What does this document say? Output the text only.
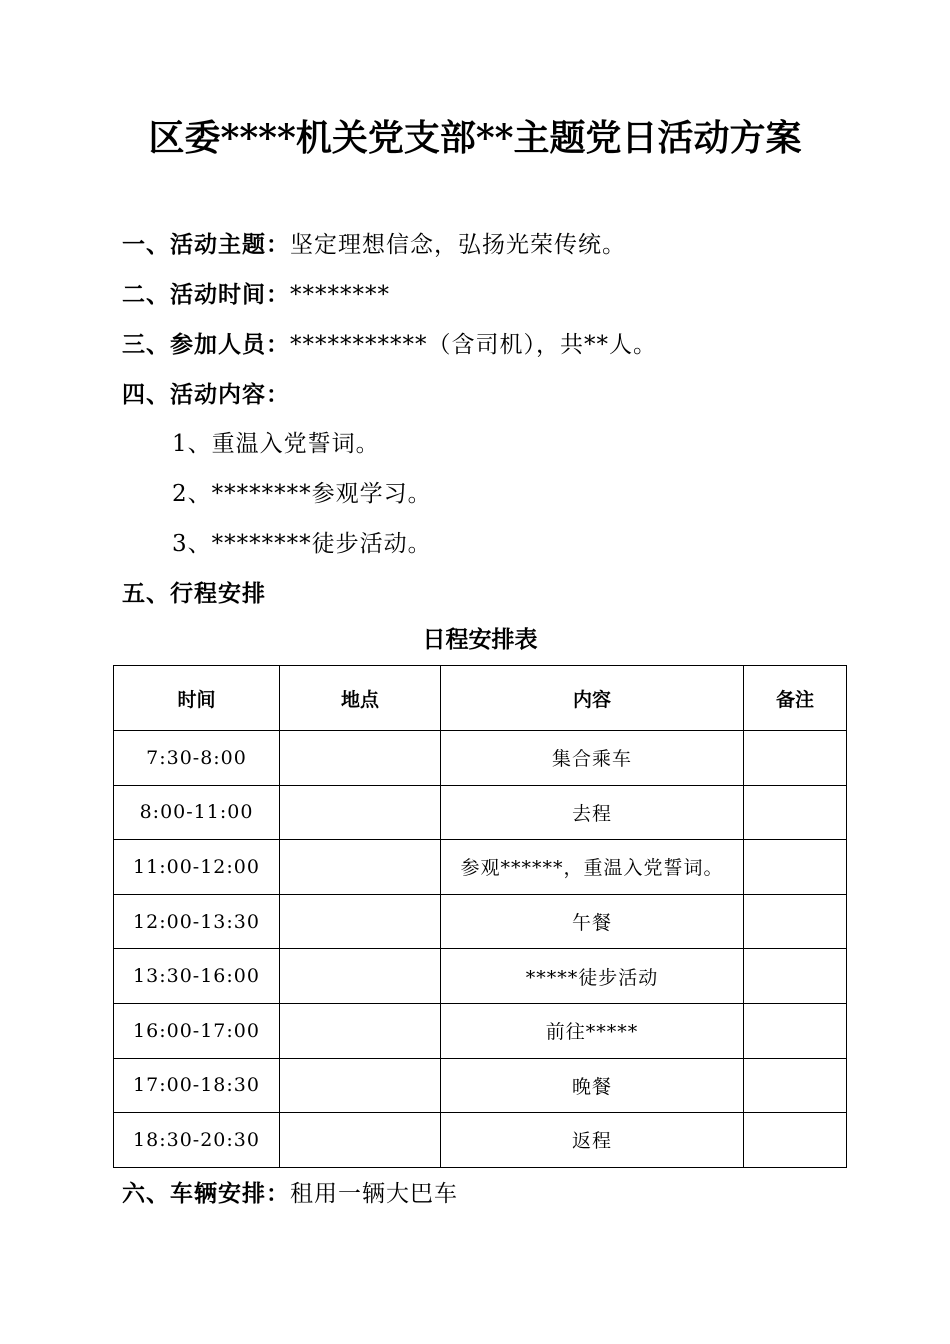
区委****机关党支部**主题党日活动方案
一、活动主题：坚定理想信念，弘扬光荣传统。
二、活动时间：********
三、参加人员：***********（含司机），共**人。
四、活动内容：
1、重温入党誓词。
2、********参观学习。
3、********徒步活动。
五、行程安排
日程安排表
时间	地点	内容	备注
7:30-8:00		集合乘车	
8:00-11:00		去程	
11:00-12:00		参观******，重温入党誓词。	
12:00-13:30		午餐	
13:30-16:00		*****徒步活动	
16:00-17:00		前往*****	
17:00-18:30		晚餐	
18:30-20:30		返程	
六、车辆安排：租用一辆大巴车
